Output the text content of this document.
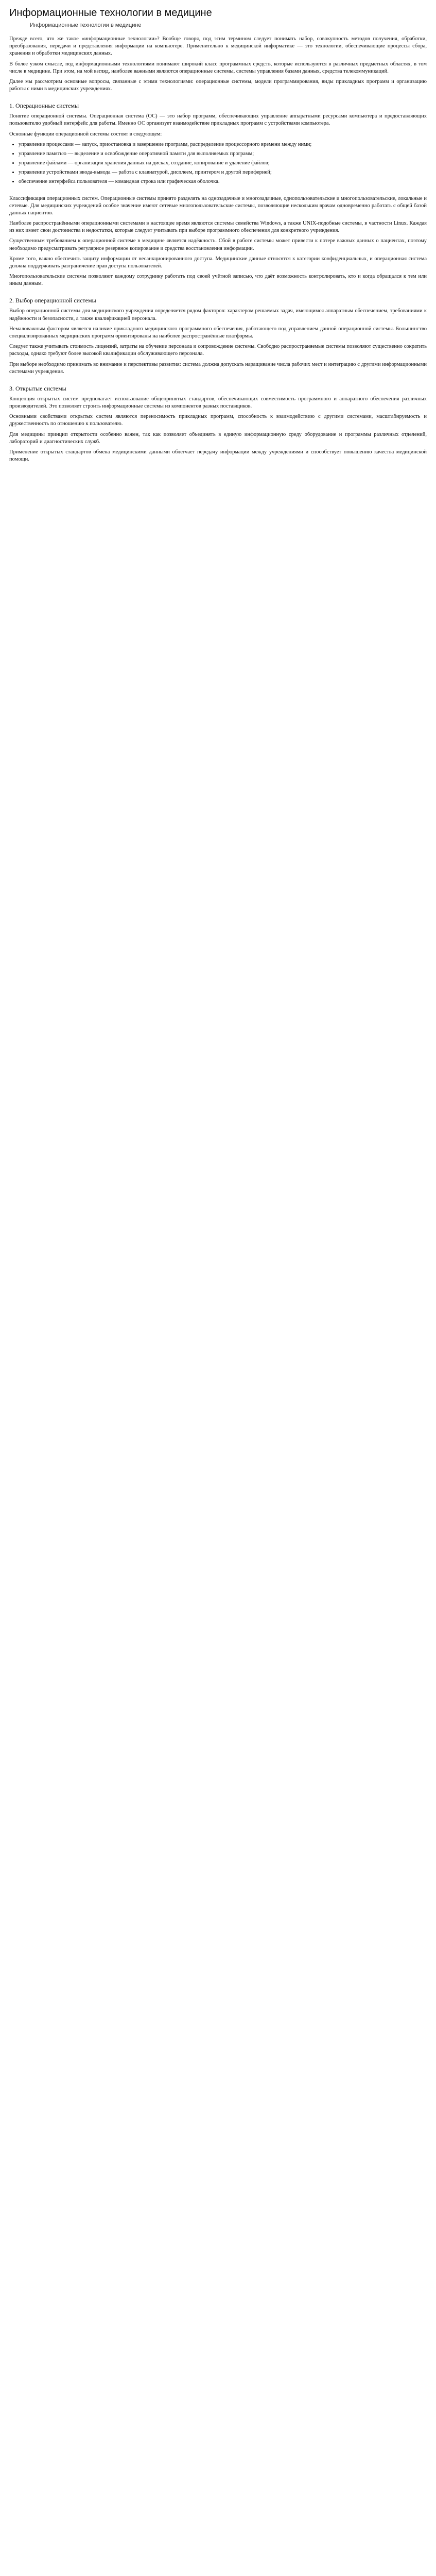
Информационные технологии в медицине
Информационные технологии в медицине

Прежде всего, что же такое «информационные технологии»? Вообще говоря, под этим термином следует понимать набор, совокупность методов получения, обработки, преобразования, передачи и представления информации на компьютере. Применительно к медицинской информатике — это технологии, обеспечивающие процессы сбора, хранения и обработки медицинских данных.

В более узком смысле, под информационными технологиями понимают широкий класс программных средств, которые используются в различных предметных областях, в том числе в медицине. При этом, на мой взгляд, наиболее важными являются операционные системы, системы управления базами данных, средства телекоммуникаций.

Далее мы рассмотрим основные вопросы, связанные с этими технологиями: операционные системы, модели программирования, виды прикладных программ и организацию работы с ними в медицинских учреждениях.

1. Операционные системы

Понятие операционной системы. Операционная система (ОС) — это набор программ, обеспечивающих управление аппаратными ресурсами компьютера и предоставляющих пользователю удобный интерфейс для работы. Именно ОС организует взаимодействие прикладных программ с устройствами компьютера.

Основные функции операционной системы состоят в следующем:

• управление процессами — запуск, приостановка и завершение программ, распределение процессорного времени между ними;
• управление памятью — выделение и освобождение оперативной памяти для выполняемых программ;
• управление файлами — организация хранения данных на дисках, создание, копирование и удаление файлов;
• управление устройствами ввода-вывода — работа с клавиатурой, дисплеем, принтером и другой периферией;
• обеспечение интерфейса пользователя — командная строка или графическая оболочка.

Классификация операционных систем. Операционные системы принято разделять на однозадачные и многозадачные, однопользовательские и многопользовательские, локальные и сетевые. Для медицинских учреждений особое значение имеют сетевые многопользовательские системы, позволяющие нескольким врачам одновременно работать с общей базой данных пациентов.

Наиболее распространёнными операционными системами в настоящее время являются системы семейства Windows, а также UNIX-подобные системы, в частности Linux. Каждая из них имеет свои достоинства и недостатки, которые следует учитывать при выборе программного обеспечения для конкретного учреждения.

Существенным требованием к операционной системе в медицине является надёжность. Сбой в работе системы может привести к потере важных данных о пациентах, поэтому необходимо предусматривать регулярное резервное копирование и средства восстановления информации.

Кроме того, важно обеспечить защиту информации от несанкционированного доступа. Медицинские данные относятся к категории конфиденциальных, и операционная система должна поддерживать разграничение прав доступа пользователей.

Многопользовательские системы позволяют каждому сотруднику работать под своей учётной записью, что даёт возможность контролировать, кто и когда обращался к тем или иным данным.

2. Выбор операционной системы

Выбор операционной системы для медицинского учреждения определяется рядом факторов: характером решаемых задач, имеющимся аппаратным обеспечением, требованиями к надёжности и безопасности, а также квалификацией персонала.

Немаловажным фактором является наличие прикладного медицинского программного обеспечения, работающего под управлением данной операционной системы. Большинство специализированных медицинских программ ориентированы на наиболее распространённые платформы.

Следует также учитывать стоимость лицензий, затраты на обучение персонала и сопровождение системы. Свободно распространяемые системы позволяют существенно сократить расходы, однако требуют более высокой квалификации обслуживающего персонала.

При выборе необходимо принимать во внимание и перспективы развития: система должна допускать наращивание числа рабочих мест и интеграцию с другими информационными системами учреждения.

3. Открытые системы

Концепция открытых систем предполагает использование общепринятых стандартов, обеспечивающих совместимость программного и аппаратного обеспечения различных производителей. Это позволяет строить информационные системы из компонентов разных поставщиков.

Основными свойствами открытых систем являются переносимость прикладных программ, способность к взаимодействию с другими системами, масштабируемость и дружественность по отношению к пользователю.

Для медицины принцип открытости особенно важен, так как позволяет объединять в единую информационную среду оборудование и программы различных отделений, лабораторий и диагностических служб.

Применение открытых стандартов обмена медицинскими данными облегчает передачу информации между учреждениями и способствует повышению качества медицинской помощи.
